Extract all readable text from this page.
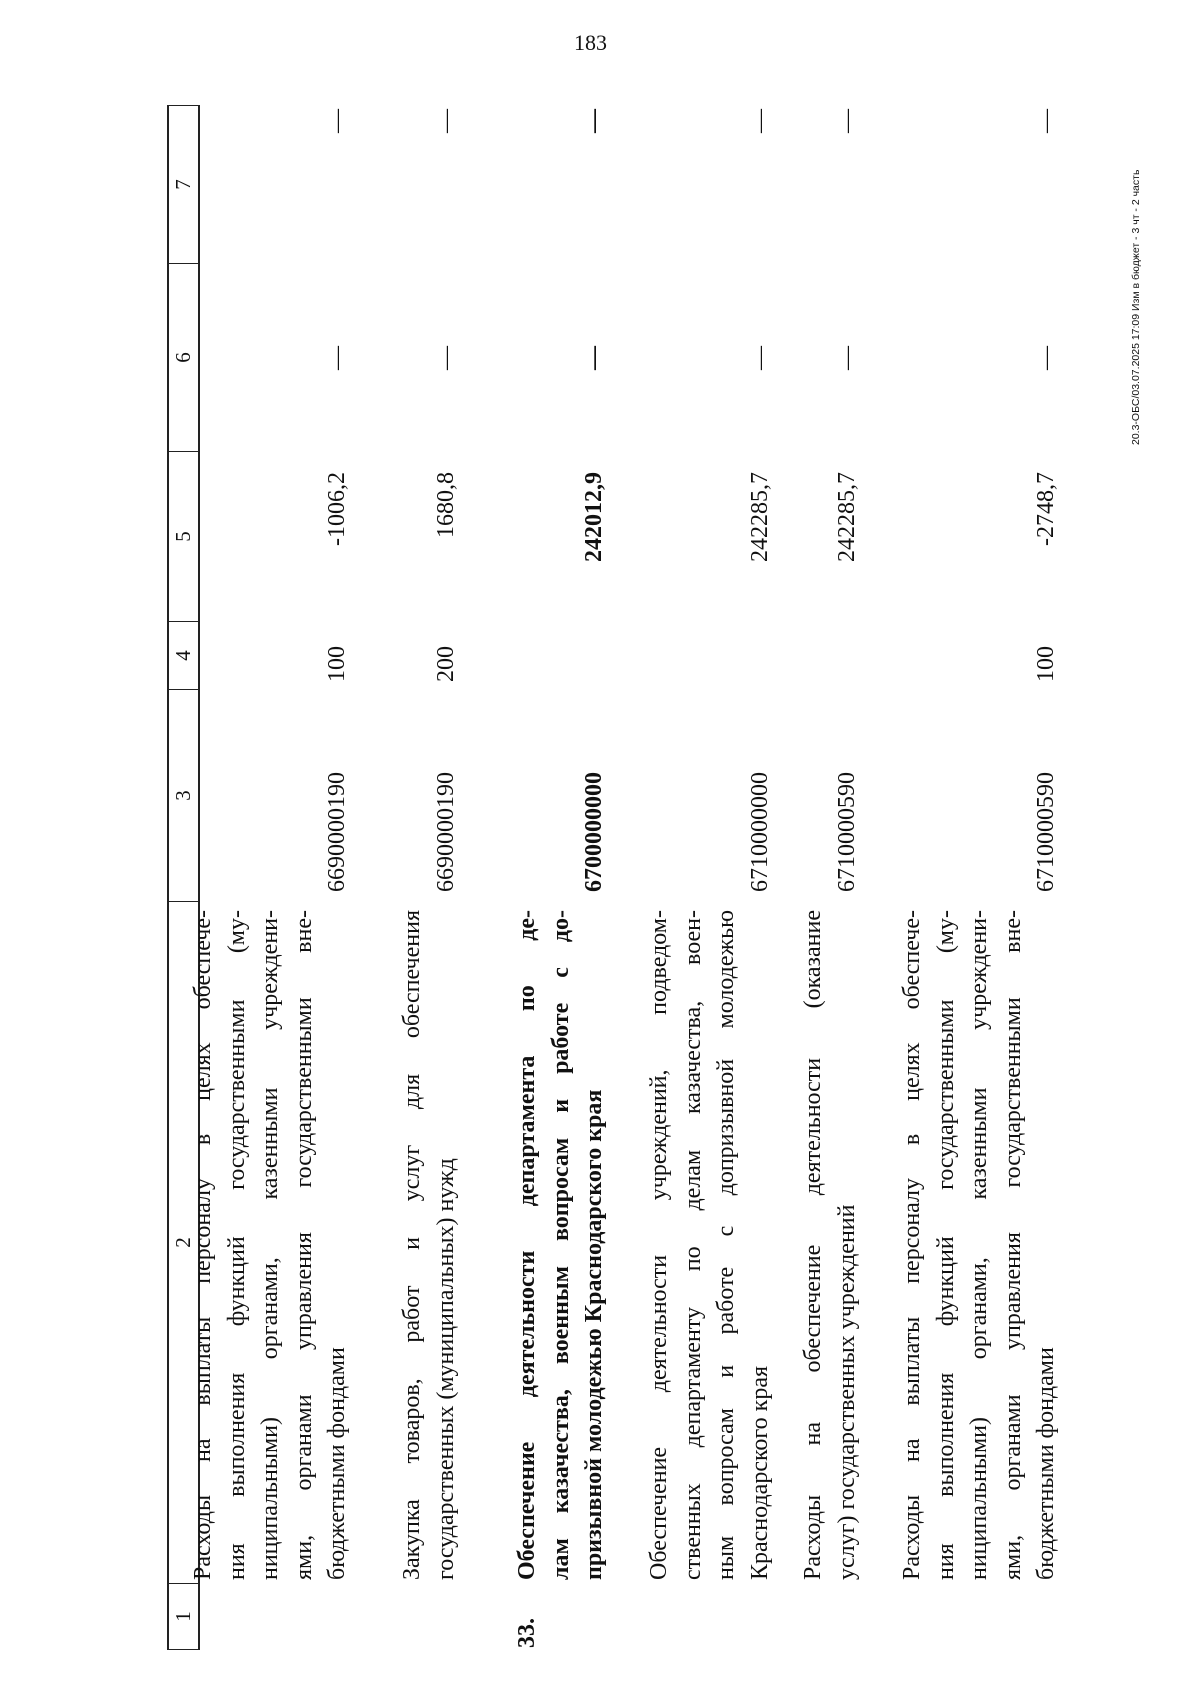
183
1
2
3
4
5
6
7
Расходы на выплаты персоналу в целях обеспече- ния выполнения функций государственными (му- ниципальными) органами, казенными учреждени- ями, органами управления государственными вне- бюджетными фондами
6690000190
100
-1006,2
—
—
Закупка товаров, работ и услуг для обеспечения государственных (муниципальных) нужд
6690000190
200
1680,8
—
—
33.
Обеспечение деятельности департамента по де- лам казачества, военным вопросам и работе с до- призывной молодежью Краснодарского края
6700000000
242012,9
—
—
Обеспечение деятельности учреждений, подведом- ственных департаменту по делам казачества, воен- ным вопросам и работе с допризывной молодежью Краснодарского края
6710000000
242285,7
—
—
Расходы на обеспечение деятельности (оказание услуг) государственных учреждений
6710000590
242285,7
—
—
Расходы на выплаты персоналу в целях обеспече- ния выполнения функций государственными (му- ниципальными) органами, казенными учреждени- ями, органами управления государственными вне- бюджетными фондами
6710000590
100
-2748,7
—
—
20.3-ОБС/03.07.2025 17:09 Изм в бюджет - 3 чт - 2 часть
